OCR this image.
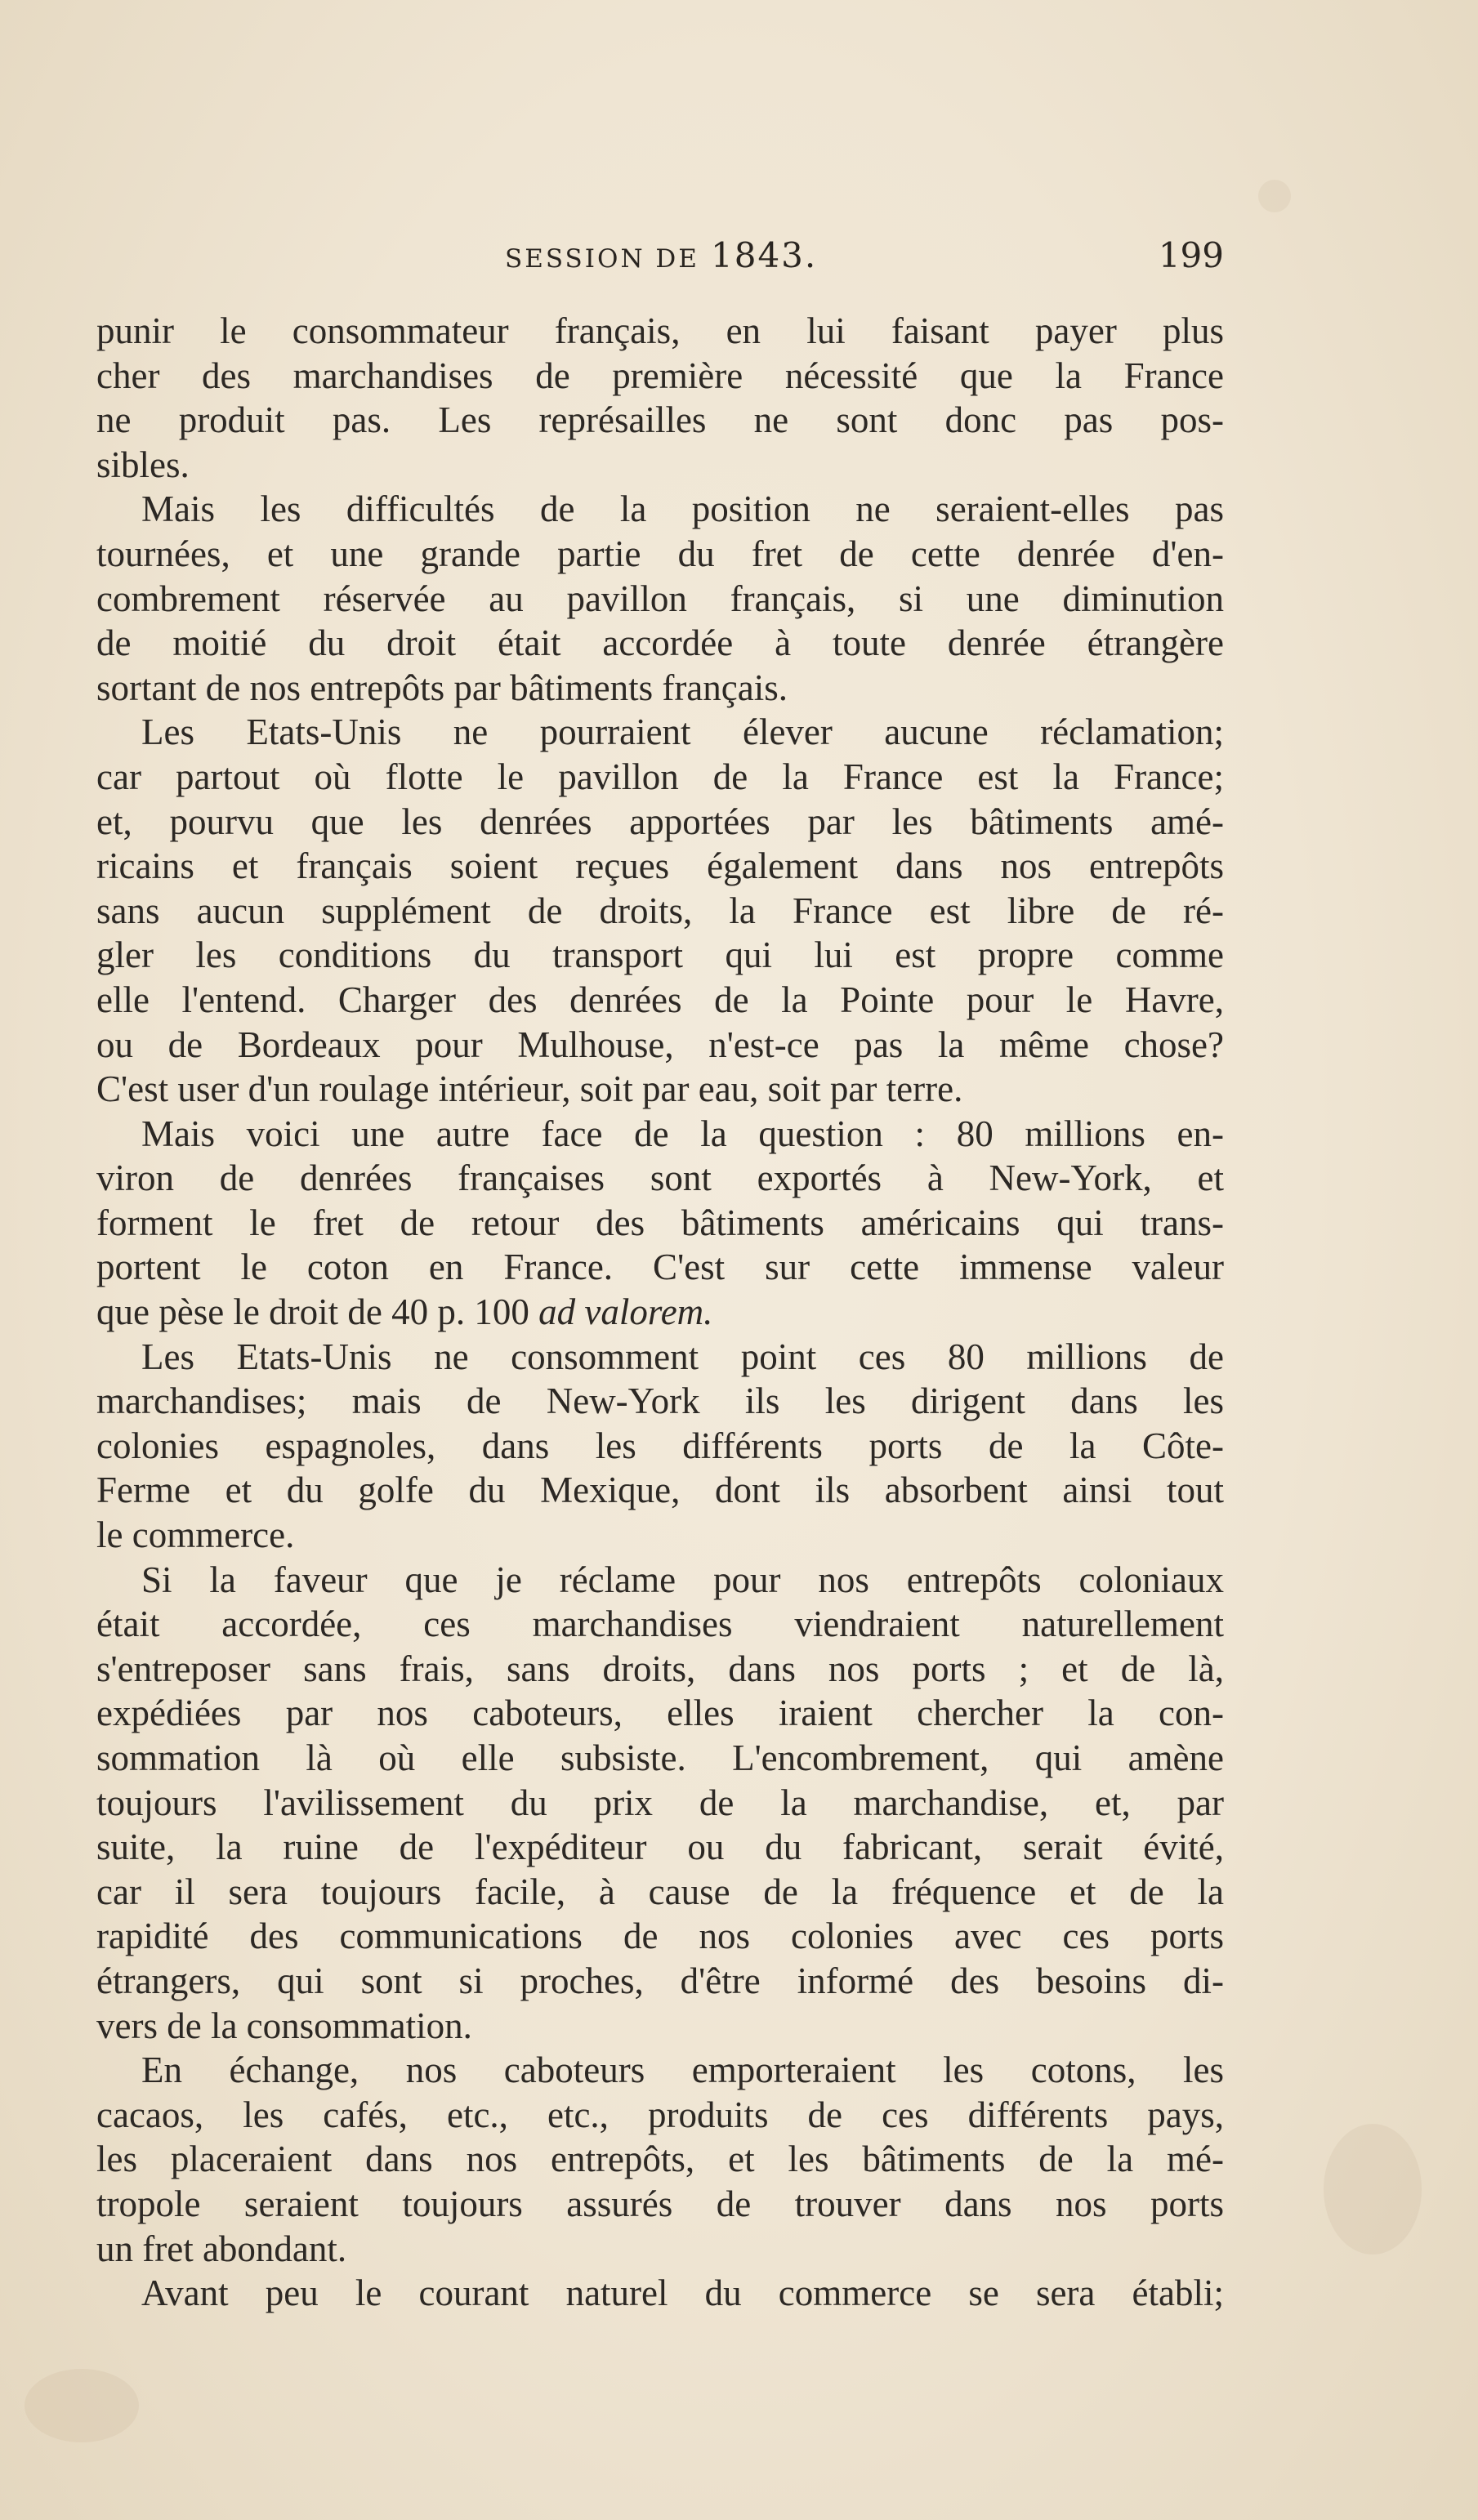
SESSION DE 1843.	199
punir le consommateur français, en lui faisant payer plus
cher des marchandises de première nécessité que la France
ne produit pas. Les représailles ne sont donc pas pos-
sibles.
Mais les difficultés de la position ne seraient-elles pas
tournées, et une grande partie du fret de cette denrée d'en-
combrement réservée au pavillon français, si une diminution
de moitié du droit était accordée à toute denrée étrangère
sortant de nos entrepôts par bâtiments français.
Les Etats-Unis ne pourraient élever aucune réclamation;
car partout où flotte le pavillon de la France est la France;
et, pourvu que les denrées apportées par les bâtiments amé-
ricains et français soient reçues également dans nos entrepôts
sans aucun supplément de droits, la France est libre de ré-
gler les conditions du transport qui lui est propre comme
elle l'entend. Charger des denrées de la Pointe pour le Havre,
ou de Bordeaux pour Mulhouse, n'est-ce pas la même chose?
C'est user d'un roulage intérieur, soit par eau, soit par terre.
Mais voici une autre face de la question : 80 millions en-
viron de denrées françaises sont exportés à New-York, et
forment le fret de retour des bâtiments américains qui trans-
portent le coton en France. C'est sur cette immense valeur
que pèse le droit de 40 p. 100 ad valorem.
Les Etats-Unis ne consomment point ces 80 millions de
marchandises; mais de New-York ils les dirigent dans les
colonies espagnoles, dans les différents ports de la Côte-
Ferme et du golfe du Mexique, dont ils absorbent ainsi tout
le commerce.
Si la faveur que je réclame pour nos entrepôts coloniaux
était accordée, ces marchandises viendraient naturellement
s'entreposer sans frais, sans droits, dans nos ports ; et de là,
expédiées par nos caboteurs, elles iraient chercher la con-
sommation là où elle subsiste. L'encombrement, qui amène
toujours l'avilissement du prix de la marchandise, et, par
suite, la ruine de l'expéditeur ou du fabricant, serait évité,
car il sera toujours facile, à cause de la fréquence et de la
rapidité des communications de nos colonies avec ces ports
étrangers, qui sont si proches, d'être informé des besoins di-
vers de la consommation.
En échange, nos caboteurs emporteraient les cotons, les
cacaos, les cafés, etc., etc., produits de ces différents pays,
les placeraient dans nos entrepôts, et les bâtiments de la mé-
tropole seraient toujours assurés de trouver dans nos ports
un fret abondant.
Avant peu le courant naturel du commerce se sera établi;
